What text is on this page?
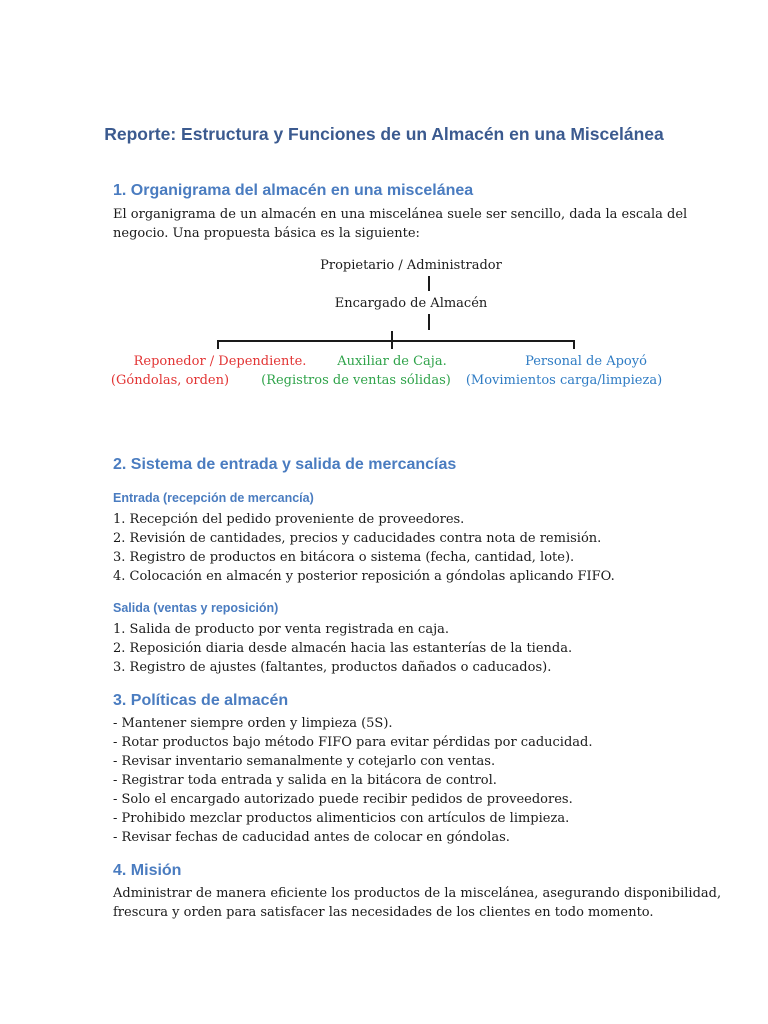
Reporte: Estructura y Funciones de un Almacén en una Miscelánea
1. Organigrama del almacén en una miscelánea
El organigrama de un almacén en una miscelánea suele ser sencillo, dada la escala del
negocio. Una propuesta básica es la siguiente:
Propietario / Administrador
Encargado de Almacén
Reponedor / Dependiente.
(Góndolas, orden)
Auxiliar de Caja.
(Registros de ventas sólidas)
Personal de Apoyó
(Movimientos carga/limpieza)
2. Sistema de entrada y salida de mercancías
Entrada (recepción de mercancía)
1. Recepción del pedido proveniente de proveedores.
2. Revisión de cantidades, precios y caducidades contra nota de remisión.
3. Registro de productos en bitácora o sistema (fecha, cantidad, lote).
4. Colocación en almacén y posterior reposición a góndolas aplicando FIFO.
Salida (ventas y reposición)
1. Salida de producto por venta registrada en caja.
2. Reposición diaria desde almacén hacia las estanterías de la tienda.
3. Registro de ajustes (faltantes, productos dañados o caducados).
3. Políticas de almacén
- Mantener siempre orden y limpieza (5S).
- Rotar productos bajo método FIFO para evitar pérdidas por caducidad.
- Revisar inventario semanalmente y cotejarlo con ventas.
- Registrar toda entrada y salida en la bitácora de control.
- Solo el encargado autorizado puede recibir pedidos de proveedores.
- Prohibido mezclar productos alimenticios con artículos de limpieza.
- Revisar fechas de caducidad antes de colocar en góndolas.
4. Misión
Administrar de manera eficiente los productos de la miscelánea, asegurando disponibilidad,
frescura y orden para satisfacer las necesidades de los clientes en todo momento.
